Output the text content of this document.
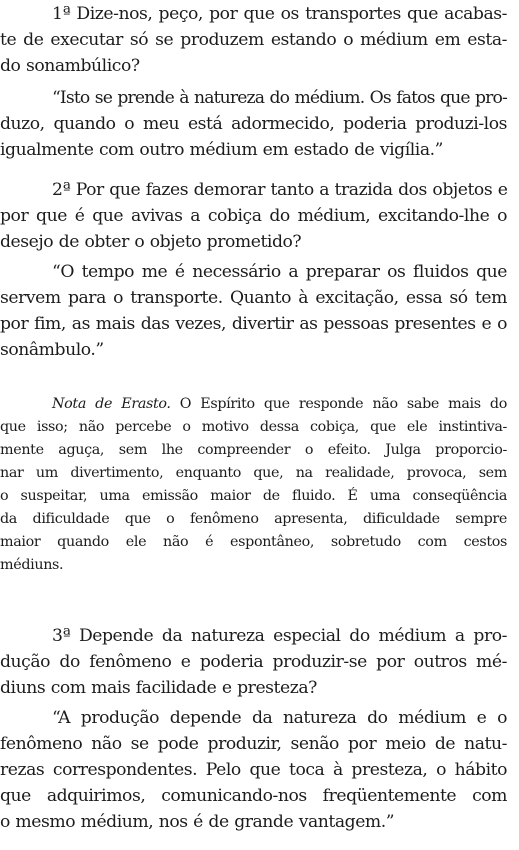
1ª Dize-nos, peço, por que os transportes que acabas-
te de executar só se produzem estando o médium em esta-
do sonambúlico?
“Isto se prende à natureza do médium. Os fatos que pro-
duzo, quando o meu está adormecido, poderia produzi-los
igualmente com outro médium em estado de vigília.”
2ª Por que fazes demorar tanto a trazida dos objetos e
por que é que avivas a cobiça do médium, excitando-lhe o
desejo de obter o objeto prometido?
“O tempo me é necessário a preparar os fluidos que
servem para o transporte. Quanto à excitação, essa só tem
por fim, as mais das vezes, divertir as pessoas presentes e o
sonâmbulo.”
Nota de Erasto. O Espírito que responde não sabe mais do
que isso; não percebe o motivo dessa cobiça, que ele instintiva-
mente aguça, sem lhe compreender o efeito. Julga proporcio-
nar um divertimento, enquanto que, na realidade, provoca, sem
o suspeitar, uma emissão maior de fluido. É uma conseqüência
da dificuldade que o fenômeno apresenta, dificuldade sempre
maior quando ele não é espontâneo, sobretudo com cestos
médiuns.
3ª Depende da natureza especial do médium a pro-
dução do fenômeno e poderia produzir-se por outros mé-
diuns com mais facilidade e presteza?
“A produção depende da natureza do médium e o
fenômeno não se pode produzir, senão por meio de natu-
rezas correspondentes. Pelo que toca à presteza, o hábito
que adquirimos, comunicando-nos freqüentemente com
o mesmo médium, nos é de grande vantagem.”
